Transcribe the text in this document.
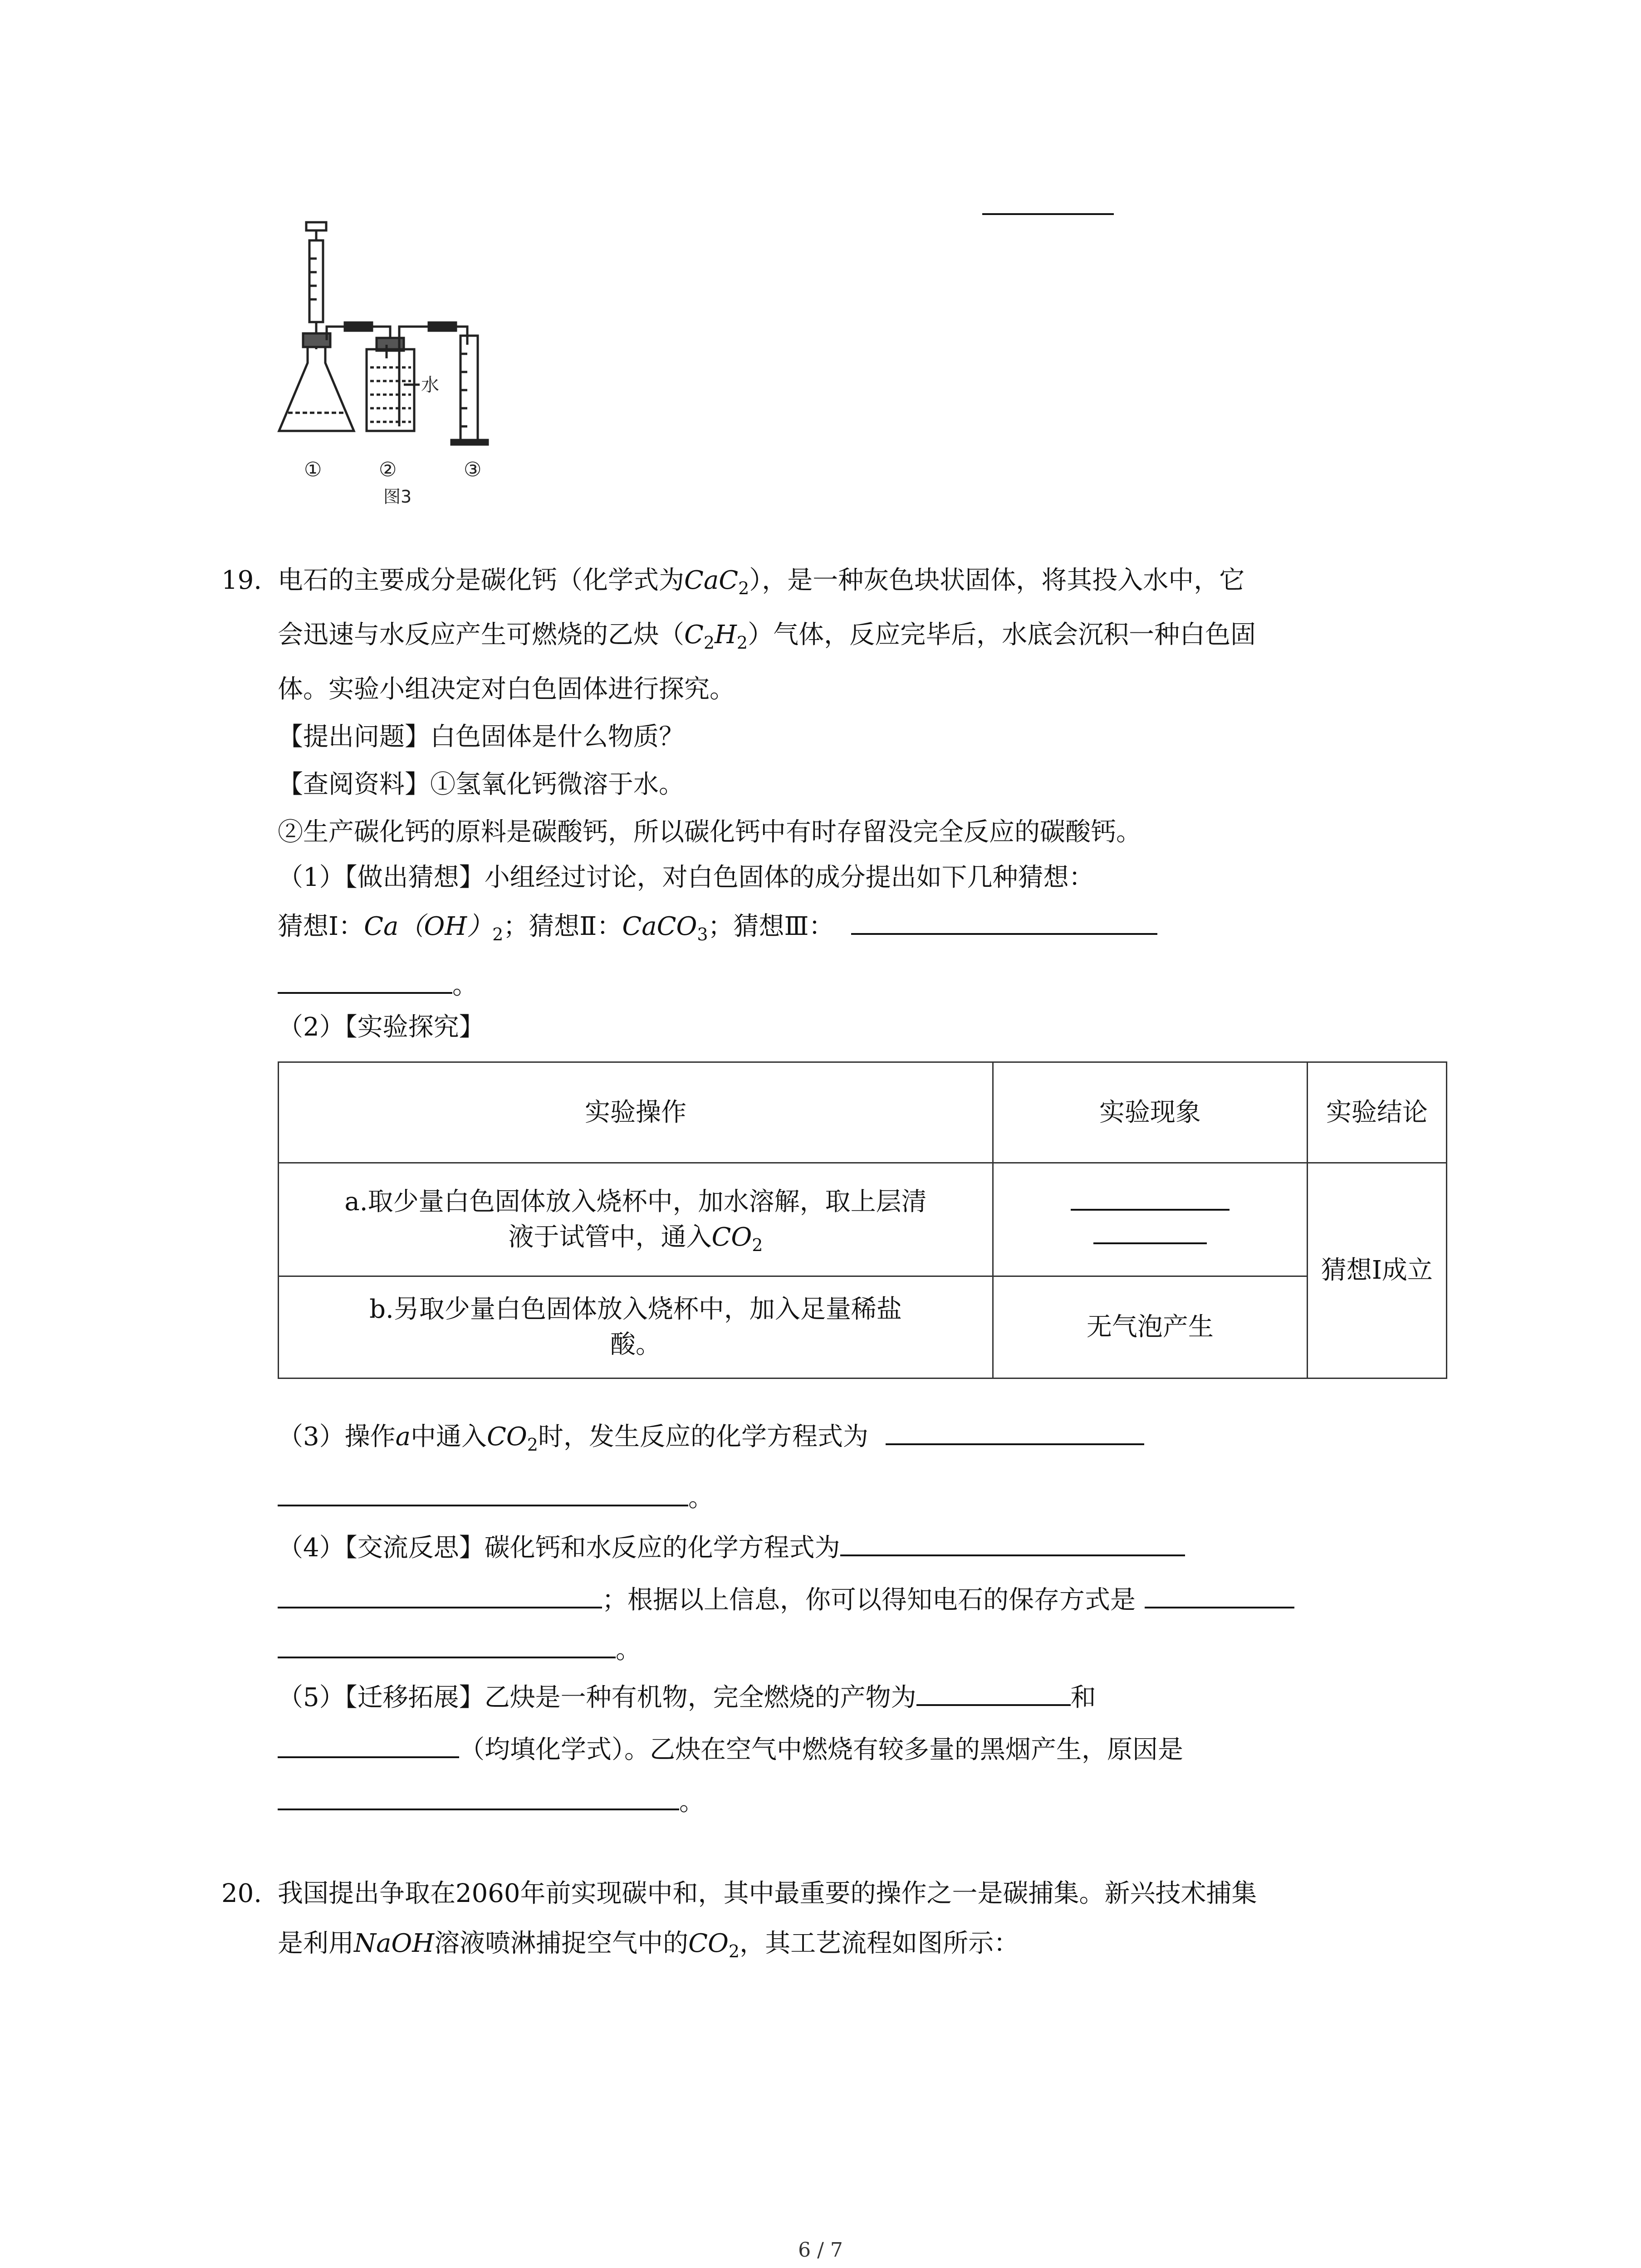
水
①	②	③
图3
19. 电石的主要成分是碳化钙（化学式为CaC$_2$），是一种灰色块状固体，将其投入水中，它
会迅速与水反应产生可燃烧的乙炔$(C_2H_2)$气体，反应完毕后，水底会沉积一种白色固
体。实验小组决定对白色固体进行探究。
【提出问题】白色固体是什么物质？
【查阅资料】①氢氧化钙微溶于水。
②生产碳化钙的原料是碳酸钙，所以碳化钙中有时存留没完全反应的碳酸钙。
（1）【做出猜想】小组经过讨论，对白色固体的成分提出如下几种猜想：
猜想Ⅰ：$Ca(OH)_2$；猜想Ⅱ：CaCO$_3$；猜想Ⅲ：
。
（2）【实验探究】
实验操作	实验现象	实验结论

a.取少量白色固体放入烧杯中，加水溶解，取上层清
液于试管中，通入$CO_2$		猜想Ⅰ成立

b.另取少量白色固体放入烧杯中，加入足量稀盐
酸。	无气泡产生	
（3）操作a中通入$CO_2$时，发生反应的化学方程式为
。
（4）【交流反思】碳化钙和水反应的化学方程式为
；根据以上信息，你可以得知电石的保存方式是
。
（5）【迁移拓展】乙炔是一种有机物，完全燃烧的产物为	和
（均填化学式）。乙炔在空气中燃烧有较多量的黑烟产生，原因是
。
20. 我国提出争取在2060年前实现碳中和，其中最重要的操作之一是碳捕集。新兴技术捕集
是利用NaOH溶液喷淋捕捉空气中的$CO_2$，其工艺流程如图所示：
6 / 7
